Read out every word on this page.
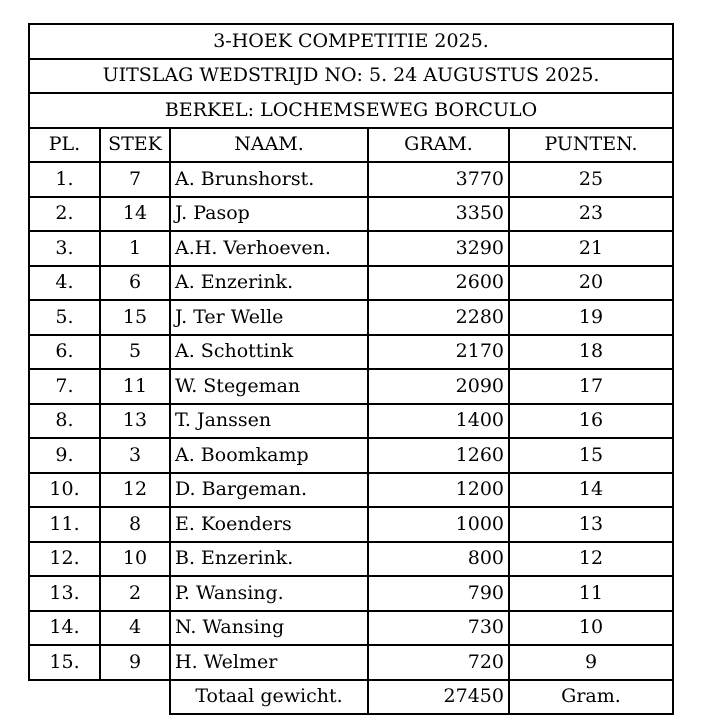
3-HOEK COMPETITIE 2025.				
UITSLAG WEDSTRIJD NO: 5. 24 AUGUSTUS 2025.				
BERKEL: LOCHEMSEWEG BORCULO				
PL.	STEK	NAAM.	GRAM.	PUNTEN.
1.	7	A. Brunshorst.	3770	25
2.	14	J. Pasop	3350	23
3.	1	A.H. Verhoeven.	3290	21
4.	6	A. Enzerink.	2600	20
5.	15	J. Ter Welle	2280	19
6.	5	A. Schottink	2170	18
7.	11	W. Stegeman	2090	17
8.	13	T. Janssen	1400	16
9.	3	A. Boomkamp	1260	15
10.	12	D. Bargeman.	1200	14
11.	8	E. Koenders	1000	13
12.	10	B. Enzerink.	800	12
13.	2	P. Wansing.	790	11
14.	4	N. Wansing	730	10
15.	9	H. Welmer	720	9
		Totaal gewicht.	27450	Gram.
